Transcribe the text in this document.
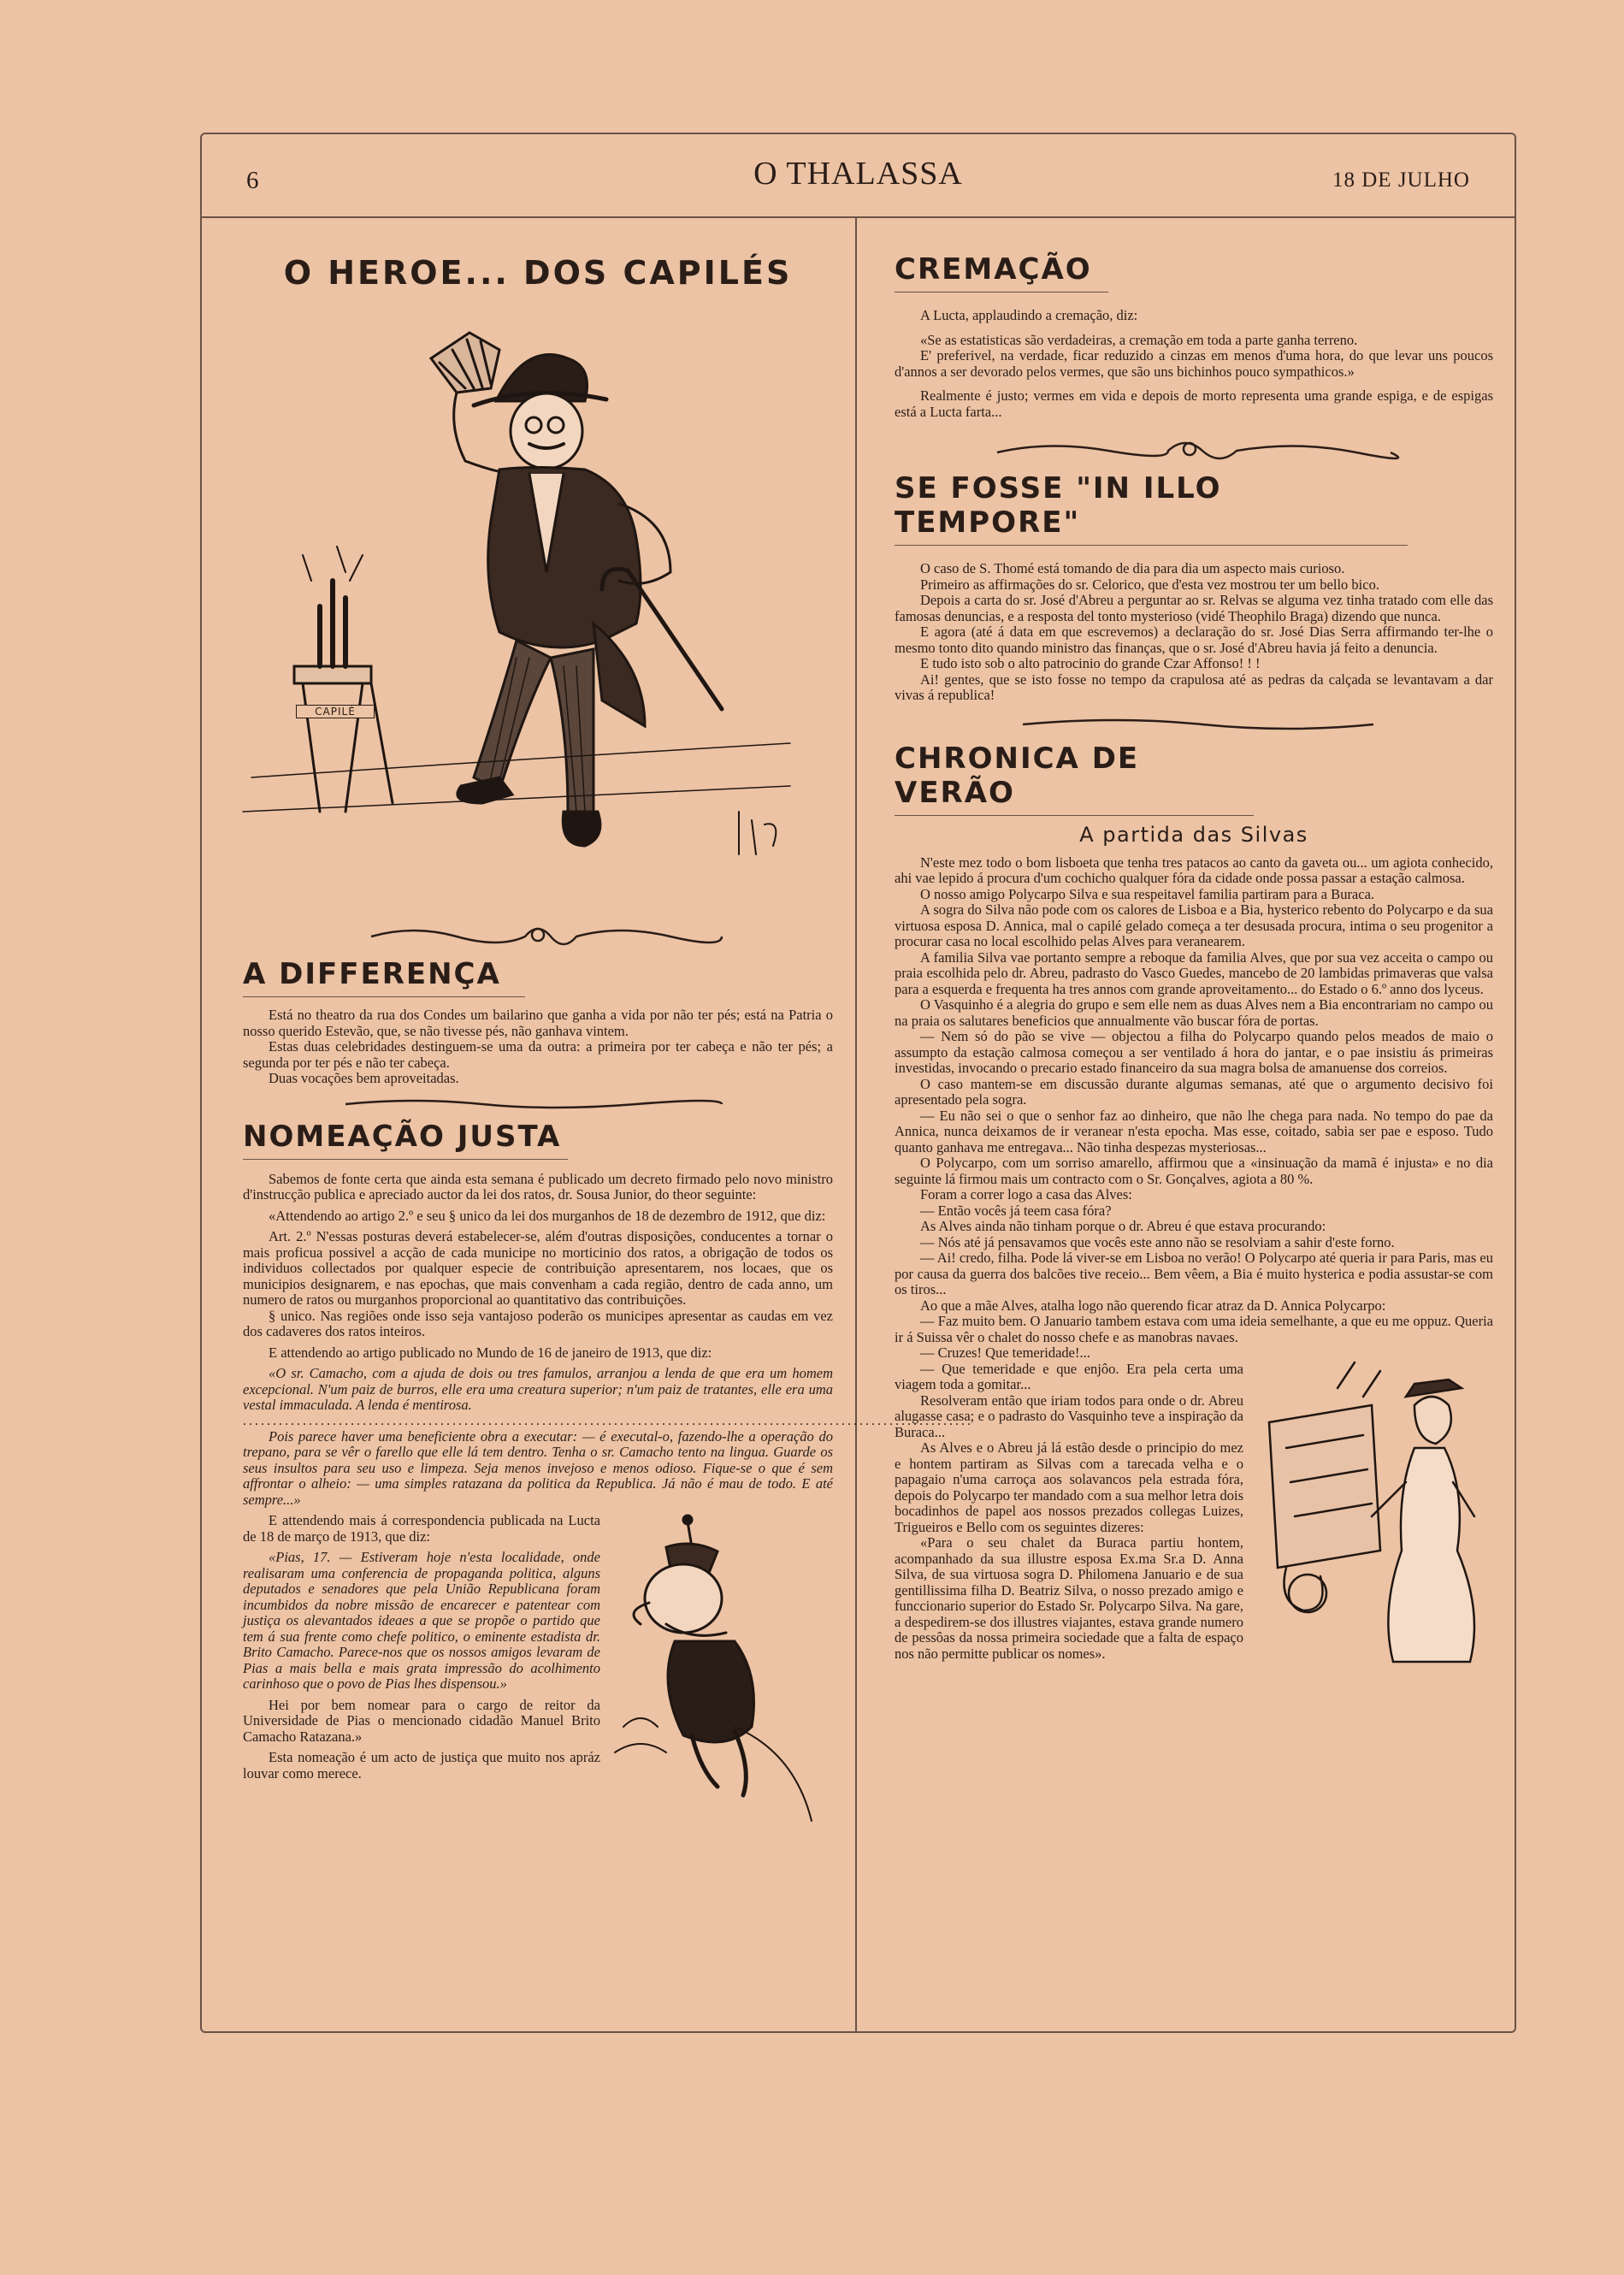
6	O THALASSA	18 DE JULHO
O HEROE... DOS CAPILÉS
CAPILÉ
A DIFFERENÇA

Está no theatro da rua dos Condes um bailarino que ganha a vida por não ter pés; está na Patria o nosso querido Estevão, que, se não tivesse pés, não ganhava vintem.

Estas duas celebridades destinguem-se uma da outra: a primeira por ter cabeça e não ter pés; a segunda por ter pés e não ter cabeça.

Duas vocações bem aproveitadas.

NOMEAÇÃO JUSTA

Sabemos de fonte certa que ainda esta semana é publicado um decreto firmado pelo novo ministro d'instrucção publica e apreciado auctor da lei dos ratos, dr. Sousa Junior, do theor seguinte:

«Attendendo ao artigo 2.º e seu § unico da lei dos murganhos de 18 de dezembro de 1912, que diz:

Art. 2.º N'essas posturas deverá estabelecer-se, além d'outras disposições, conducentes a tornar o mais proficua possivel a acção de cada municipe no morticinio dos ratos, a obrigação de todos os individuos collectados por qualquer especie de contribuição apresentarem, nos locaes, que os municipios designarem, e nas epochas, que mais convenham a cada região, dentro de cada anno, um numero de ratos ou murganhos proporcional ao quantitativo das contribuições.

§ unico. Nas regiões onde isso seja vantajoso poderão os municipes apresentar as caudas em vez dos cadaveres dos ratos inteiros.

E attendendo ao artigo publicado no Mundo de 16 de janeiro de 1913, que diz:

«O sr. Camacho, com a ajuda de dois ou tres famulos, arranjou a lenda de que era um homem excepcional. N'um paiz de burros, elle era uma creatura superior; n'um paiz de tratantes, elle era uma vestal immaculada. A lenda é mentirosa.

..........................................................................................................................

Pois parece haver uma beneficiente obra a executar: — é executal-o, fazendo-lhe a operação do trepano, para se vêr o farello que elle lá tem dentro. Tenha o sr. Camacho tento na lingua. Guarde os seus insultos para seu uso e limpeza. Seja menos invejoso e menos odioso. Fique-se o que é sem affrontar o alheio: — uma simples ratazana da politica da Republica. Já não é mau de todo. E até sempre...»

E attendendo mais á correspondencia publicada na Lucta de 18 de março de 1913, que diz:

«Pias, 17. — Estiveram hoje n'esta localidade, onde realisaram uma conferencia de propaganda politica, alguns deputados e senadores que pela União Republicana foram incumbidos da nobre missão de encarecer e patentear com justiça os alevantados ideaes a que se propõe o partido que tem á sua frente como chefe politico, o eminente estadista dr. Brito Camacho. Parece-nos que os nossos amigos levaram de Pias a mais bella e mais grata impressão do acolhimento carinhoso que o povo de Pias lhes dispensou.»

Hei por bem nomear para o cargo de reitor da Universidade de Pias o mencionado cidadão Manuel Brito Camacho Ratazana.»

Esta nomeação é um acto de justiça que muito nos apráz louvar como merece.

CREMAÇÃO

A Lucta, applaudindo a cremação, diz:

«Se as estatisticas são verdadeiras, a cremação em toda a parte ganha terreno.

E' preferivel, na verdade, ficar reduzido a cinzas em menos d'uma hora, do que levar uns poucos d'annos a ser devorado pelos vermes, que são uns bichinhos pouco sympathicos.»

Realmente é justo; vermes em vida e depois de morto representa uma grande espiga, e de espigas está a Lucta farta...

SE FOSSE "IN ILLO TEMPORE"

O caso de S. Thomé está tomando de dia para dia um aspecto mais curioso.

Primeiro as affirmações do sr. Celorico, que d'esta vez mostrou ter um bello bico.

Depois a carta do sr. José d'Abreu a perguntar ao sr. Relvas se alguma vez tinha tratado com elle das famosas denuncias, e a resposta del tonto mysterioso (vidé Theophilo Braga) dizendo que nunca.

E agora (até á data em que escrevemos) a declaração do sr. José Dias Serra affirmando ter-lhe o mesmo tonto dito quando ministro das finanças, que o sr. José d'Abreu havia já feito a denuncia.

E tudo isto sob o alto patrocinio do grande Czar Affonso! ! !

Ai! gentes, que se isto fosse no tempo da crapulosa até as pedras da calçada se levantavam a dar vivas á republica!

CHRONICA DE VERÃO
A partida das Silvas

N'este mez todo o bom lisboeta que tenha tres patacos ao canto da gaveta ou... um agiota conhecido, ahi vae lepido á procura d'um cochicho qualquer fóra da cidade onde possa passar a estação calmosa.

O nosso amigo Polycarpo Silva e sua respeitavel familia partiram para a Buraca.

A sogra do Silva não pode com os calores de Lisboa e a Bia, hysterico rebento do Polycarpo e da sua virtuosa esposa D. Annica, mal o capilé gelado começa a ter desusada procura, intima o seu progenitor a procurar casa no local escolhido pelas Alves para veranearem.

A familia Silva vae portanto sempre a reboque da familia Alves, que por sua vez acceita o campo ou praia escolhida pelo dr. Abreu, padrasto do Vasco Guedes, mancebo de 20 lambidas primaveras que valsa para a esquerda e frequenta ha tres annos com grande aproveitamento... do Estado o 6.º anno dos lyceus.

O Vasquinho é a alegria do grupo e sem elle nem as duas Alves nem a Bia encontrariam no campo ou na praia os salutares beneficios que annualmente vão buscar fóra de portas.

— Nem só do pão se vive — objectou a filha do Polycarpo quando pelos meados de maio o assumpto da estação calmosa começou a ser ventilado á hora do jantar, e o pae insistiu ás primeiras investidas, invocando o precario estado financeiro da sua magra bolsa de amanuense dos correios.

O caso mantem-se em discussão durante algumas semanas, até que o argumento decisivo foi apresentado pela sogra.

— Eu não sei o que o senhor faz ao dinheiro, que não lhe chega para nada. No tempo do pae da Annica, nunca deixamos de ir veranear n'esta epocha. Mas esse, coitado, sabia ser pae e esposo. Tudo quanto ganhava me entregava... Não tinha despezas mysteriosas...

O Polycarpo, com um sorriso amarello, affirmou que a «insinuação da mamã é injusta» e no dia seguinte lá firmou mais um contracto com o Sr. Gonçalves, agiota a 80 %.

Foram a correr logo a casa das Alves:

— Então vocês já teem casa fóra?

As Alves ainda não tinham porque o dr. Abreu é que estava procurando:

— Nós até já pensavamos que vocês este anno não se resolviam a sahir d'este forno.

— Ai! credo, filha. Pode lá viver-se em Lisboa no verão! O Polycarpo até queria ir para Paris, mas eu por causa da guerra dos balcões tive receio... Bem vêem, a Bia é muito hysterica e podia assustar-se com os tiros...

Ao que a mãe Alves, atalha logo não querendo ficar atraz da D. Annica Polycarpo:

— Faz muito bem. O Januario tambem estava com uma ideia semelhante, a que eu me oppuz. Queria ir á Suissa vêr o chalet do nosso chefe e as manobras navaes.

— Cruzes! Que temeridade!...

— Que temeridade e que enjôo. Era pela certa uma viagem toda a gomitar...

Resolveram então que iriam todos para onde o dr. Abreu alugasse casa; e o padrasto do Vasquinho teve a inspiração da Buraca...

As Alves e o Abreu já lá estão desde o principio do mez e hontem partiram as Silvas com a tarecada velha e o papagaio n'uma carroça aos solavancos pela estrada fóra, depois do Polycarpo ter mandado com a sua melhor letra dois bocadinhos de papel aos nossos prezados collegas Luizes, Trigueiros e Bello com os seguintes dizeres:

«Para o seu chalet da Buraca partiu hontem, acompanhado da sua illustre esposa Ex.ma Sr.a D. Anna Silva, de sua virtuosa sogra D. Philomena Januario e de sua gentillissima filha D. Beatriz Silva, o nosso prezado amigo e funccionario superior do Estado Sr. Polycarpo Silva. Na gare, a despedirem-se dos illustres viajantes, estava grande numero de pessôas da nossa primeira sociedade que a falta de espaço nos não permitte publicar os nomes».
